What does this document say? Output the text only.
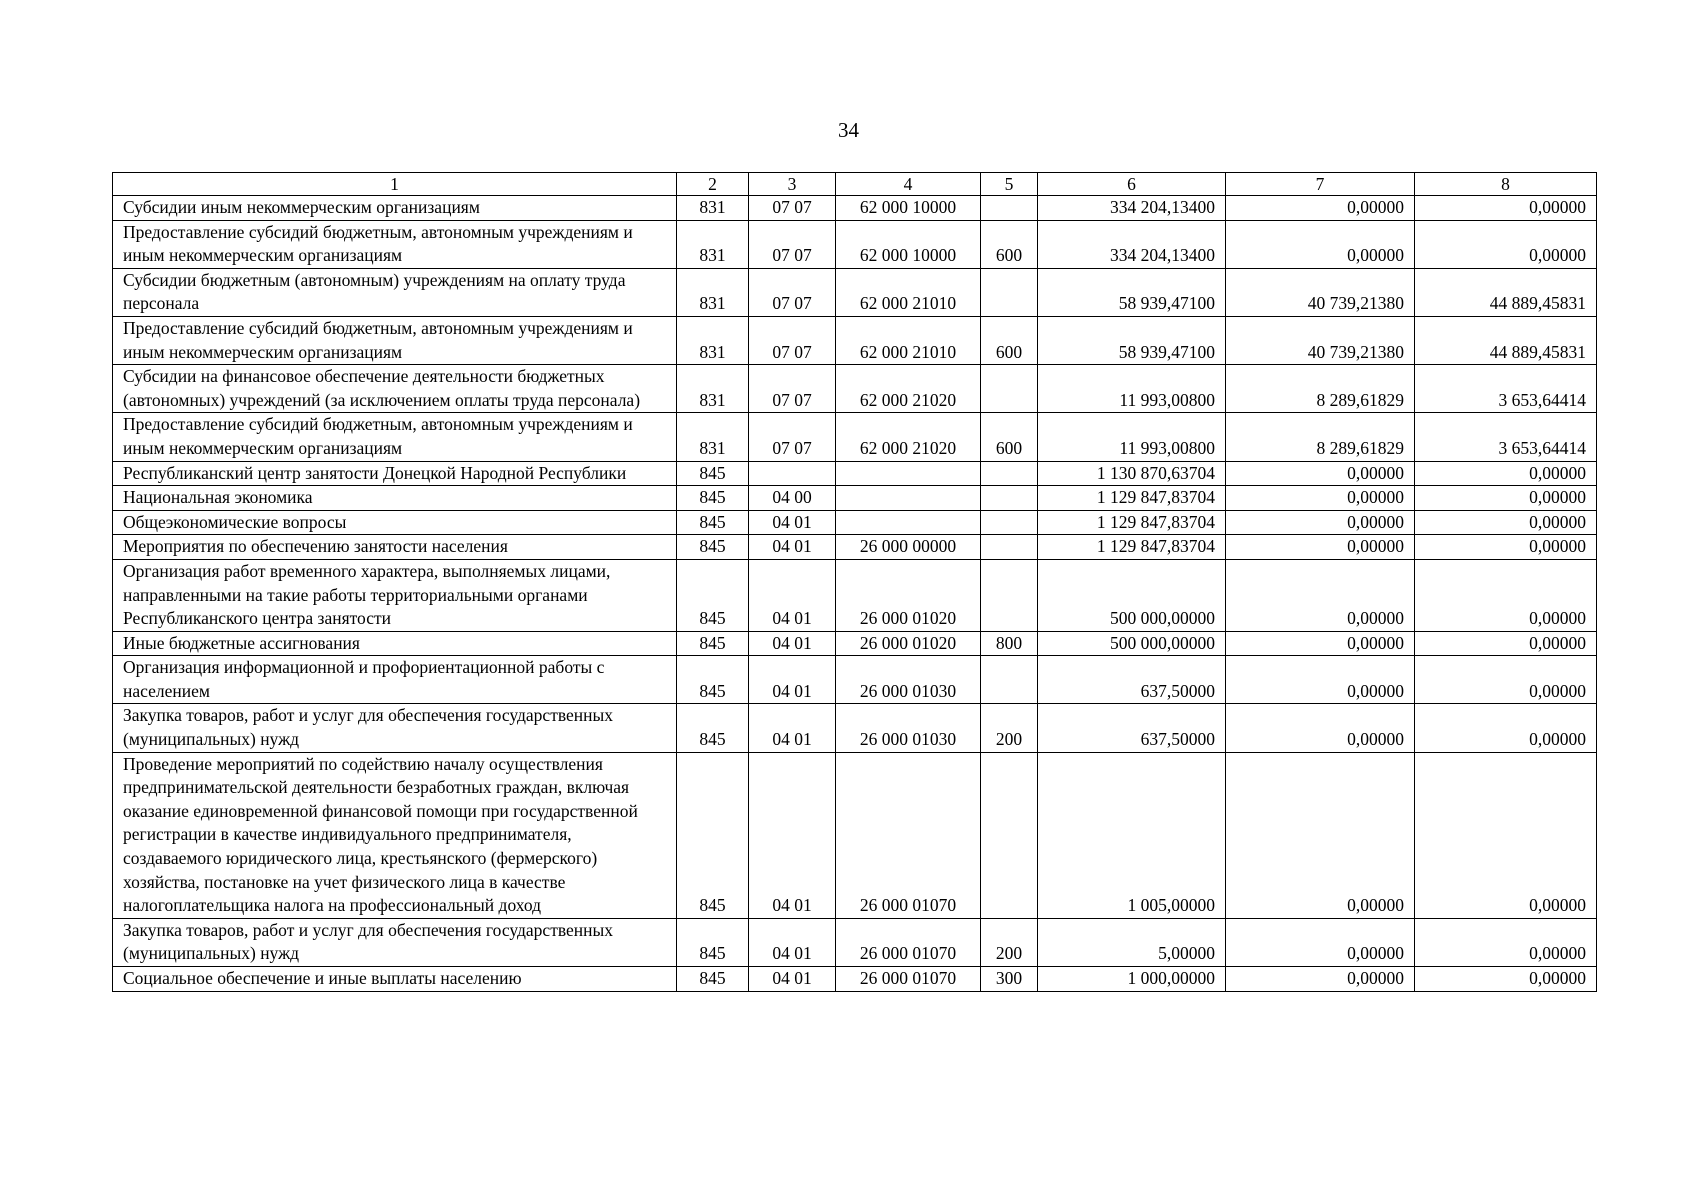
34
1	2	3	4	5	6	7	8
Субсидии иным некоммерческим организациям	831	07 07	62 000 10000		334 204,13400	0,00000	0,00000
Предоставление субсидий бюджетным, автономным учреждениям и иным некоммерческим организациям	831	07 07	62 000 10000	600	334 204,13400	0,00000	0,00000
Субсидии бюджетным (автономным) учреждениям на оплату труда персонала	831	07 07	62 000 21010		58 939,47100	40 739,21380	44 889,45831
Предоставление субсидий бюджетным, автономным учреждениям и иным некоммерческим организациям	831	07 07	62 000 21010	600	58 939,47100	40 739,21380	44 889,45831
Субсидии на финансовое обеспечение деятельности бюджетных (автономных) учреждений (за исключением оплаты труда персонала)	831	07 07	62 000 21020		11 993,00800	8 289,61829	3 653,64414
Предоставление субсидий бюджетным, автономным учреждениям и иным некоммерческим организациям	831	07 07	62 000 21020	600	11 993,00800	8 289,61829	3 653,64414
Республиканский центр занятости Донецкой Народной Республики	845				1 130 870,63704	0,00000	0,00000
Национальная экономика	845	04 00			1 129 847,83704	0,00000	0,00000
Общеэкономические вопросы	845	04 01			1 129 847,83704	0,00000	0,00000
Мероприятия по обеспечению занятости населения	845	04 01	26 000 00000		1 129 847,83704	0,00000	0,00000
Организация работ временного характера, выполняемых лицами, направленными на такие работы территориальными органами Республиканского центра занятости	845	04 01	26 000 01020		500 000,00000	0,00000	0,00000
Иные бюджетные ассигнования	845	04 01	26 000 01020	800	500 000,00000	0,00000	0,00000
Организация информационной и профориентационной работы с населением	845	04 01	26 000 01030		637,50000	0,00000	0,00000
Закупка товаров, работ и услуг для обеспечения государственных (муниципальных) нужд	845	04 01	26 000 01030	200	637,50000	0,00000	0,00000
Проведение мероприятий по содействию началу осуществления предпринимательской деятельности безработных граждан, включая оказание единовременной финансовой помощи при государственной регистрации в качестве индивидуального предпринимателя, создаваемого юридического лица, крестьянского (фермерского) хозяйства, постановке на учет физического лица в качестве налогоплательщика налога на профессиональный доход	845	04 01	26 000 01070		1 005,00000	0,00000	0,00000
Закупка товаров, работ и услуг для обеспечения государственных (муниципальных) нужд	845	04 01	26 000 01070	200	5,00000	0,00000	0,00000
Социальное обеспечение и иные выплаты населению	845	04 01	26 000 01070	300	1 000,00000	0,00000	0,00000
